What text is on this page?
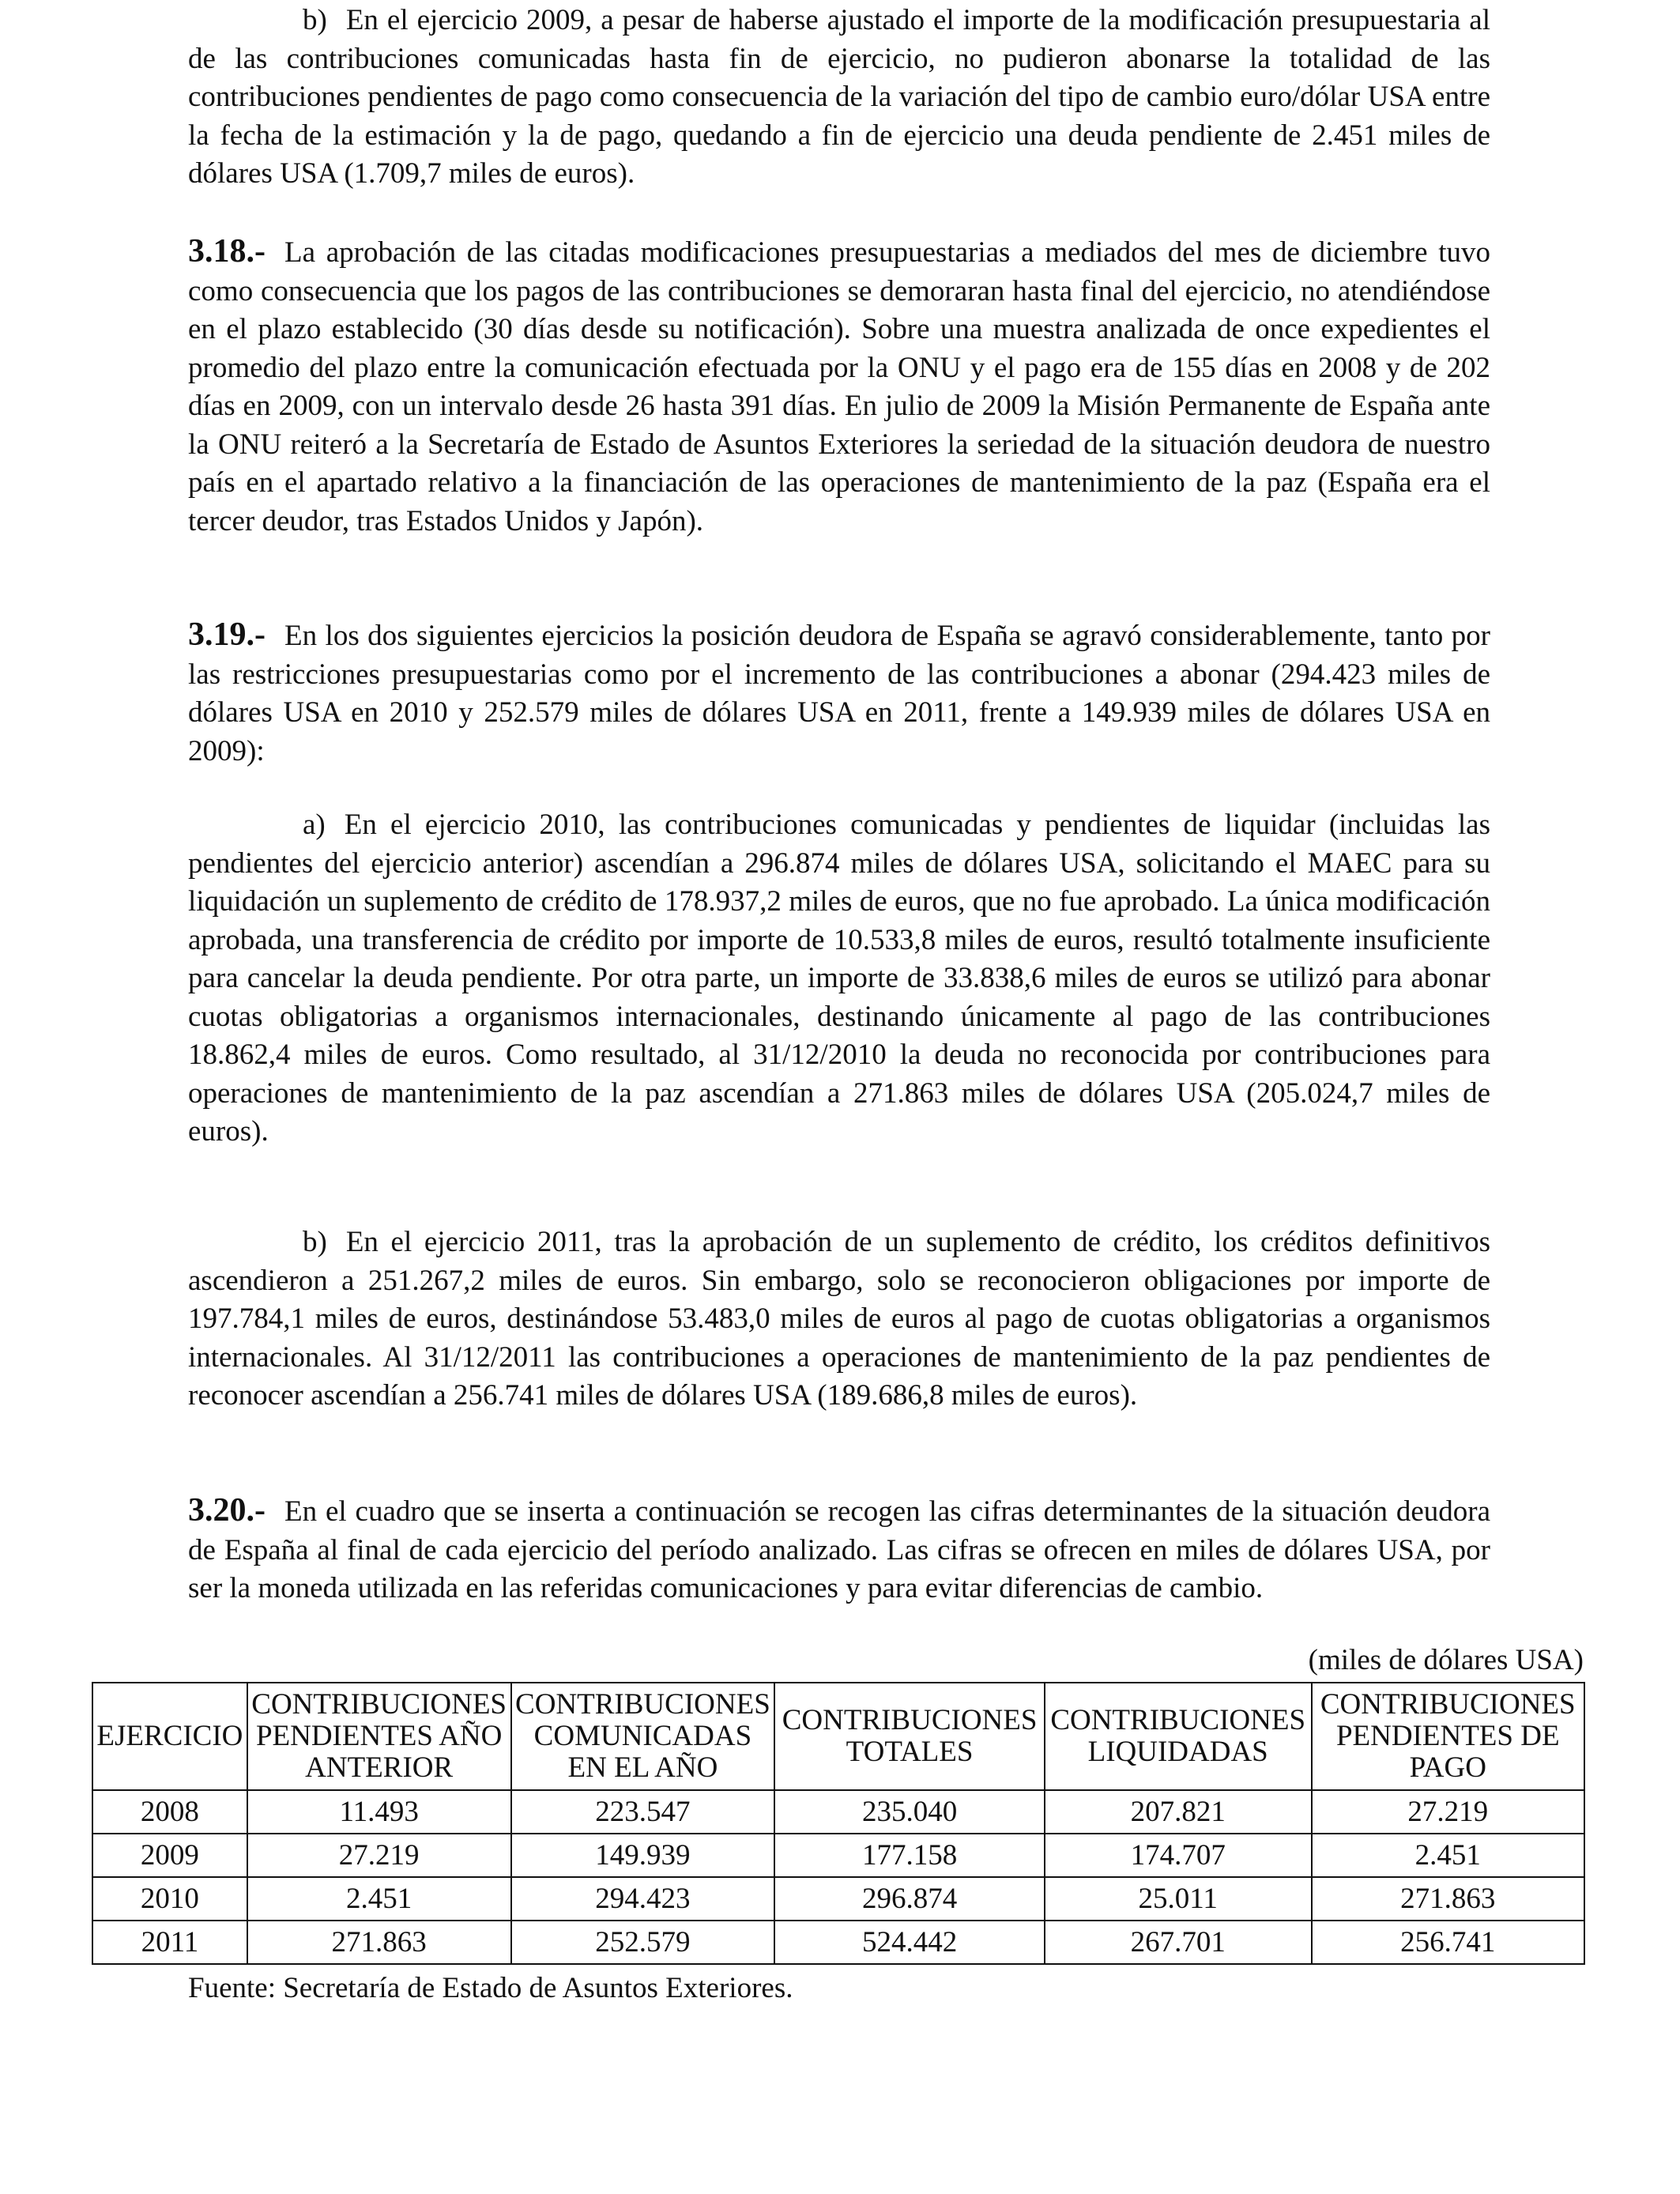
b) En el ejercicio 2009, a pesar de haberse ajustado el importe de la modificación presupuestaria al de las contribuciones comunicadas hasta fin de ejercicio, no pudieron abonarse la totalidad de las contribuciones pendientes de pago como consecuencia de la variación del tipo de cambio euro/dólar USA entre la fecha de la estimación y la de pago, quedando a fin de ejercicio una deuda pendiente de 2.451 miles de dólares USA (1.709,7 miles de euros).

3.18.- La aprobación de las citadas modificaciones presupuestarias a mediados del mes de diciembre tuvo como consecuencia que los pagos de las contribuciones se demoraran hasta final del ejercicio, no atendiéndose en el plazo establecido (30 días desde su notificación). Sobre una muestra analizada de once expedientes el promedio del plazo entre la comunicación efectuada por la ONU y el pago era de 155 días en 2008 y de 202 días en 2009, con un intervalo desde 26 hasta 391 días. En julio de 2009 la Misión Permanente de España ante la ONU reiteró a la Secretaría de Estado de Asuntos Exteriores la seriedad de la situación deudora de nuestro país en el apartado relativo a la financiación de las operaciones de mantenimiento de la paz (España era el tercer deudor, tras Estados Unidos y Japón).

3.19.- En los dos siguientes ejercicios la posición deudora de España se agravó considerablemente, tanto por las restricciones presupuestarias como por el incremento de las contribuciones a abonar (294.423 miles de dólares USA en 2010 y 252.579 miles de dólares USA en 2011, frente a 149.939 miles de dólares USA en 2009):

a) En el ejercicio 2010, las contribuciones comunicadas y pendientes de liquidar (incluidas las pendientes del ejercicio anterior) ascendían a 296.874 miles de dólares USA, solicitando el MAEC para su liquidación un suplemento de crédito de 178.937,2 miles de euros, que no fue aprobado. La única modificación aprobada, una transferencia de crédito por importe de 10.533,8 miles de euros, resultó totalmente insuficiente para cancelar la deuda pendiente. Por otra parte, un importe de 33.838,6 miles de euros se utilizó para abonar cuotas obligatorias a organismos internacionales, destinando únicamente al pago de las contribuciones 18.862,4 miles de euros. Como resultado, al 31/12/2010 la deuda no reconocida por contribuciones para operaciones de mantenimiento de la paz ascendían a 271.863 miles de dólares USA (205.024,7 miles de euros).

b) En el ejercicio 2011, tras la aprobación de un suplemento de crédito, los créditos definitivos ascendieron a 251.267,2 miles de euros. Sin embargo, solo se reconocieron obligaciones por importe de 197.784,1 miles de euros, destinándose 53.483,0 miles de euros al pago de cuotas obligatorias a organismos internacionales. Al 31/12/2011 las contribuciones a operaciones de mantenimiento de la paz pendientes de reconocer ascendían a 256.741 miles de dólares USA (189.686,8 miles de euros).

3.20.- En el cuadro que se inserta a continuación se recogen las cifras determinantes de la situación deudora de España al final de cada ejercicio del período analizado. Las cifras se ofrecen en miles de dólares USA, por ser la moneda utilizada en las referidas comunicaciones y para evitar diferencias de cambio.

(miles de dólares USA)
EJERCICIO	CONTRIBUCIONES PENDIENTES AÑO ANTERIOR	CONTRIBUCIONES COMUNICADAS EN EL AÑO	CONTRIBUCIONES TOTALES	CONTRIBUCIONES LIQUIDADAS	CONTRIBUCIONES PENDIENTES DE PAGO
2008	11.493	223.547	235.040	207.821	27.219
2009	27.219	149.939	177.158	174.707	2.451
2010	2.451	294.423	296.874	25.011	271.863
2011	271.863	252.579	524.442	267.701	256.741
Fuente: Secretaría de Estado de Asuntos Exteriores.
